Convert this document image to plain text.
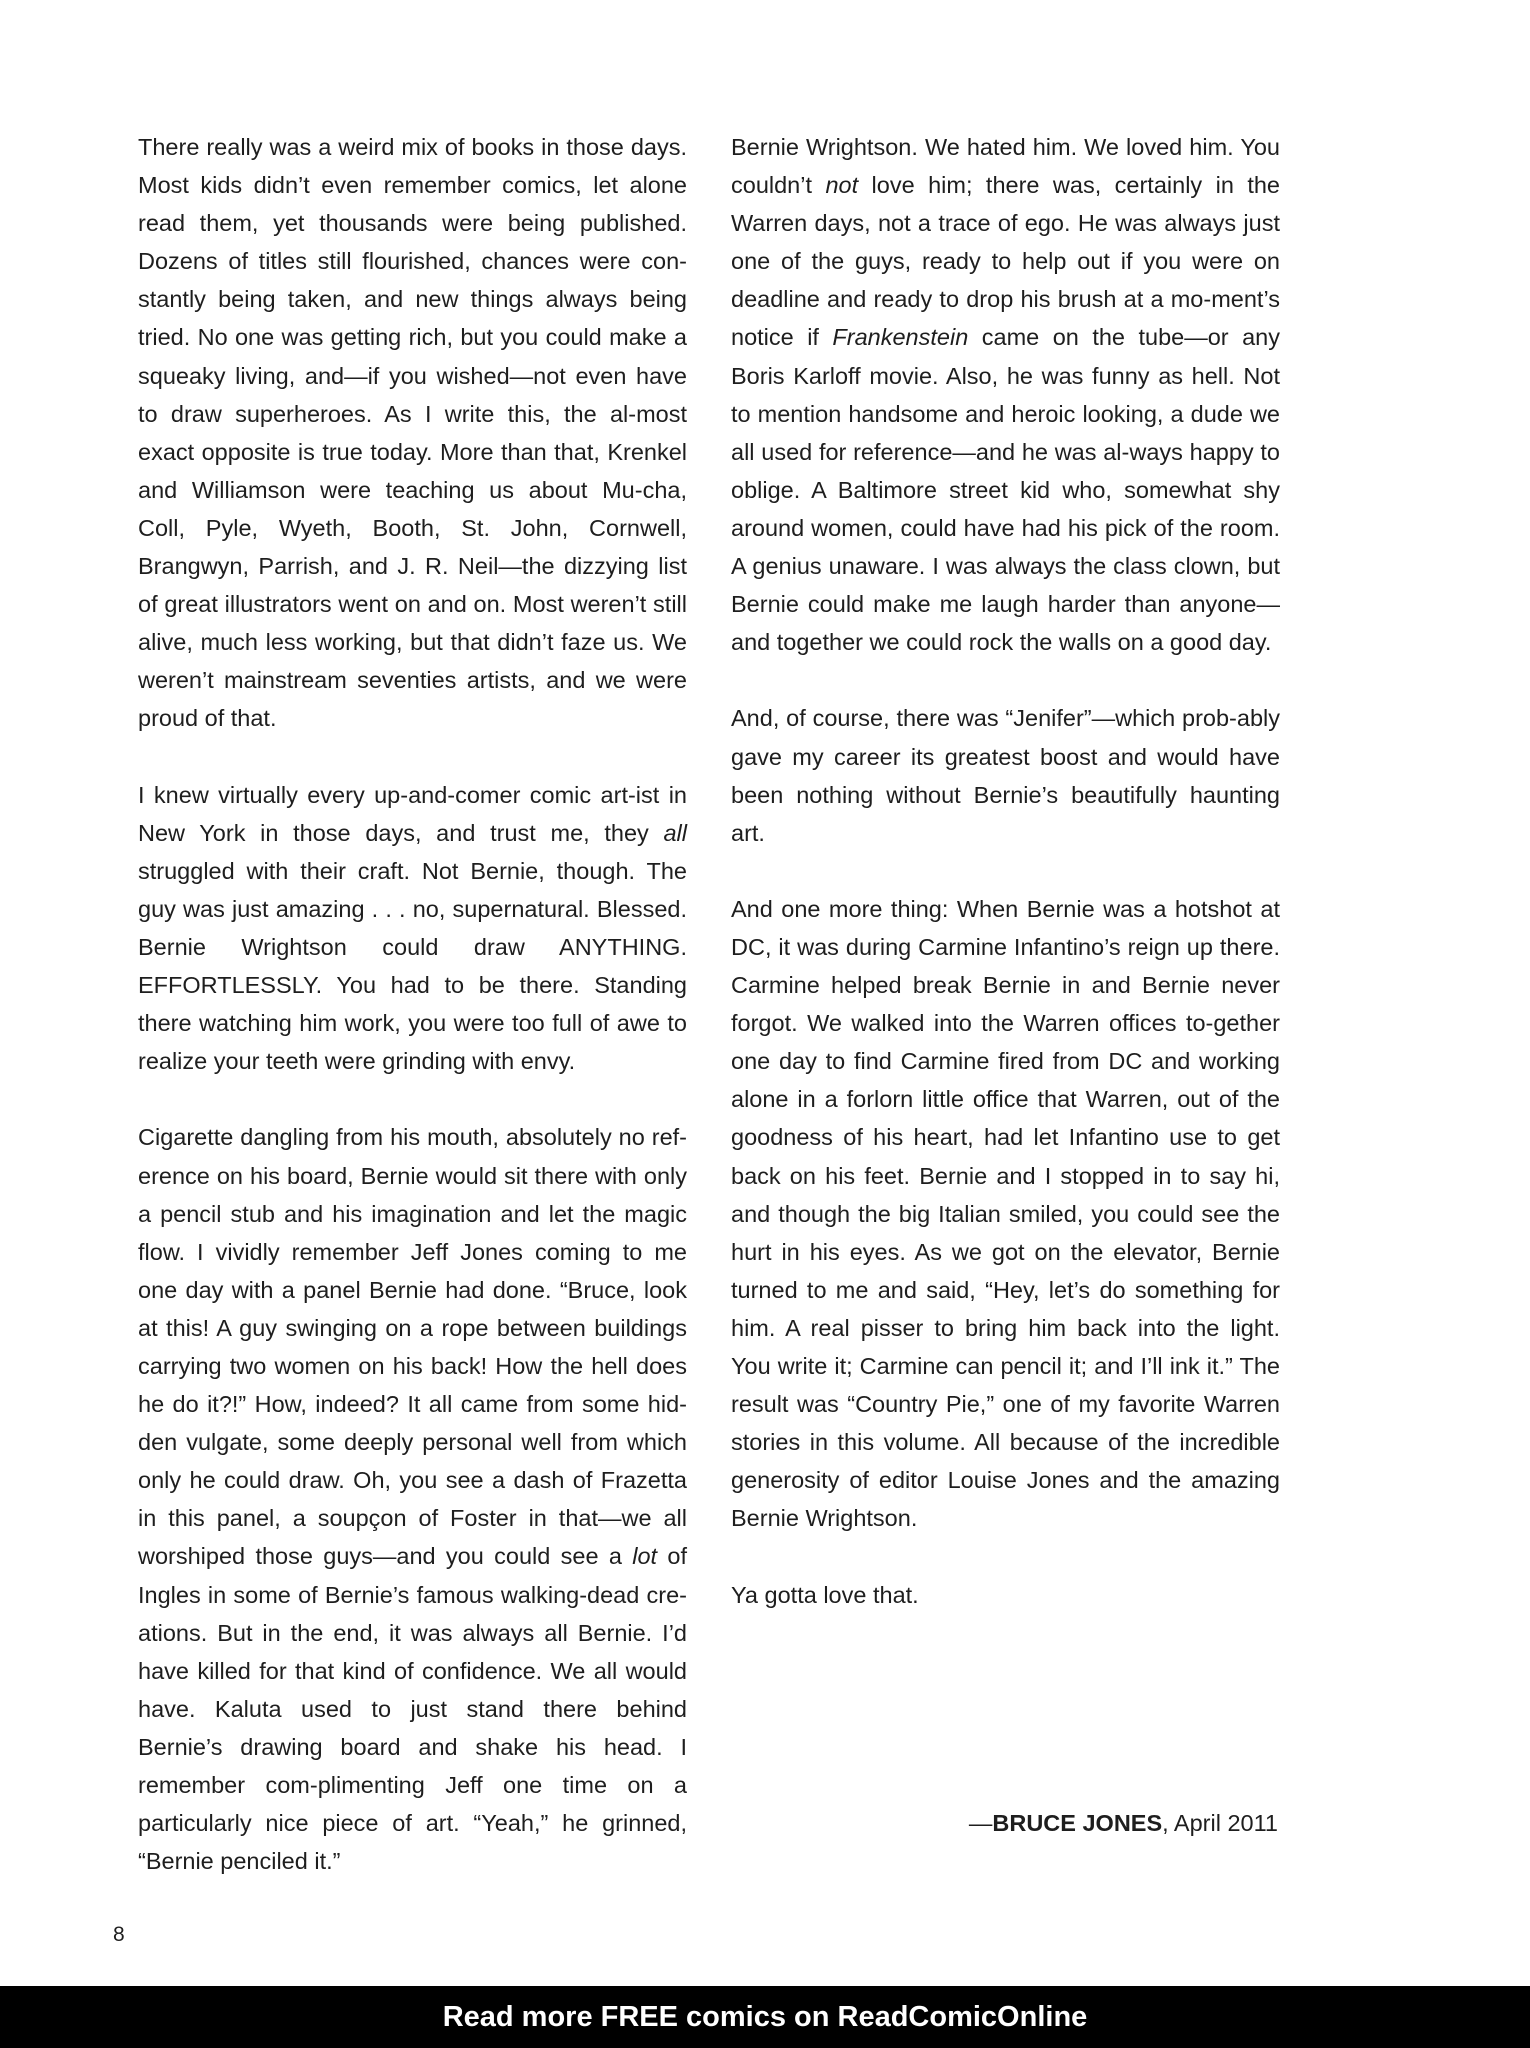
There really was a weird mix of books in those days. Most kids didn’t even remember comics, let alone read them, yet thousands were being published. Dozens of titles still flourished, chances were con-stantly being taken, and new things always being tried. No one was getting rich, but you could make a squeaky living, and—if you wished—not even have to draw superheroes. As I write this, the al-most exact opposite is true today. More than that, Krenkel and Williamson were teaching us about Mu-cha, Coll, Pyle, Wyeth, Booth, St. John, Cornwell, Brangwyn, Parrish, and J. R. Neil—the dizzying list of great illustrators went on and on. Most weren’t still alive, much less working, but that didn’t faze us. We weren’t mainstream seventies artists, and we were proud of that.

I knew virtually every up-and-comer comic art-ist in New York in those days, and trust me, they all struggled with their craft. Not Bernie, though. The guy was just amazing . . . no, supernatural. Blessed. Bernie Wrightson could draw ANYTHING. EFFORTLESSLY. You had to be there. Standing there watching him work, you were too full of awe to realize your teeth were grinding with envy.

Cigarette dangling from his mouth, absolutely no ref-erence on his board, Bernie would sit there with only a pencil stub and his imagination and let the magic flow. I vividly remember Jeff Jones coming to me one day with a panel Bernie had done. “Bruce, look at this! A guy swinging on a rope between buildings carrying two women on his back! How the hell does he do it?!” How, indeed? It all came from some hid-den vulgate, some deeply personal well from which only he could draw. Oh, you see a dash of Frazetta in this panel, a soupçon of Foster in that—we all worshiped those guys—and you could see a lot of Ingles in some of Bernie’s famous walking-dead cre-ations. But in the end, it was always all Bernie. I’d have killed for that kind of confidence. We all would have. Kaluta used to just stand there behind Bernie’s drawing board and shake his head. I remember com-plimenting Jeff one time on a particularly nice piece of art. “Yeah,” he grinned, “Bernie penciled it.”

Bernie Wrightson. We hated him. We loved him. You couldn’t not love him; there was, certainly in the Warren days, not a trace of ego. He was always just one of the guys, ready to help out if you were on deadline and ready to drop his brush at a mo-ment’s notice if Frankenstein came on the tube—or any Boris Karloff movie. Also, he was funny as hell. Not to mention handsome and heroic looking, a dude we all used for reference—and he was al-ways happy to oblige. A Baltimore street kid who, somewhat shy around women, could have had his pick of the room. A genius unaware. I was always the class clown, but Bernie could make me laugh harder than anyone—and together we could rock the walls on a good day.

And, of course, there was “Jenifer”—which prob-ably gave my career its greatest boost and would have been nothing without Bernie’s beautifully haunting art.

And one more thing: When Bernie was a hotshot at DC, it was during Carmine Infantino’s reign up there. Carmine helped break Bernie in and Bernie never forgot. We walked into the Warren offices to-gether one day to find Carmine fired from DC and working alone in a forlorn little office that Warren, out of the goodness of his heart, had let Infantino use to get back on his feet. Bernie and I stopped in to say hi, and though the big Italian smiled, you could see the hurt in his eyes. As we got on the elevator, Bernie turned to me and said, “Hey, let’s do something for him. A real pisser to bring him back into the light. You write it; Carmine can pencil it; and I’ll ink it.” The result was “Country Pie,” one of my favorite Warren stories in this volume. All because of the incredible generosity of editor Louise Jones and the amazing Bernie Wrightson.

Ya gotta love that.

—BRUCE JONES, April 2011
8
Read more FREE comics on ReadComicOnline
